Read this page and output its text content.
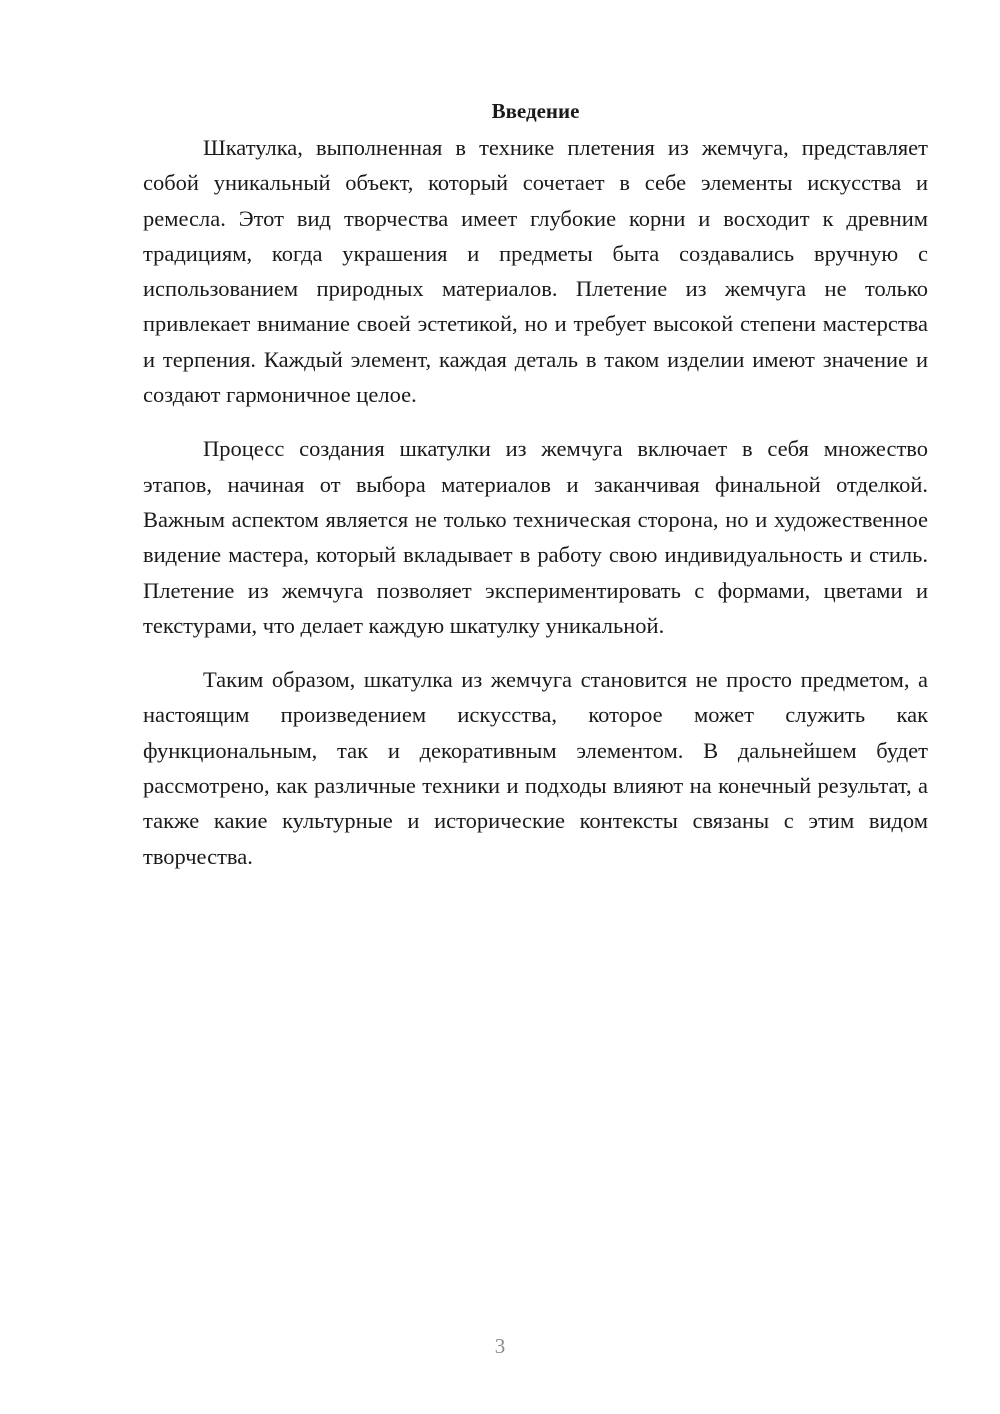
Введение

Шкатулка, выполненная в технике плетения из жемчуга, представляет собой уникальный объект, который сочетает в себе элементы искусства и ремесла. Этот вид творчества имеет глубокие корни и восходит к древним традициям, когда украшения и предметы быта создавались вручную с использованием природных материалов. Плетение из жемчуга не только привлекает внимание своей эстетикой, но и требует высокой степени мастерства и терпения. Каждый элемент, каждая деталь в таком изделии имеют значение и создают гармоничное целое.

Процесс создания шкатулки из жемчуга включает в себя множество этапов, начиная от выбора материалов и заканчивая финальной отделкой. Важным аспектом является не только техническая сторона, но и художественное видение мастера, который вкладывает в работу свою индивидуальность и стиль. Плетение из жемчуга позволяет экспериментировать с формами, цветами и текстурами, что делает каждую шкатулку уникальной.

Таким образом, шкатулка из жемчуга становится не просто предметом, а настоящим произведением искусства, которое может служить как функциональным, так и декоративным элементом. В дальнейшем будет рассмотрено, как различные техники и подходы влияют на конечный результат, а также какие культурные и исторические контексты связаны с этим видом творчества.

3
